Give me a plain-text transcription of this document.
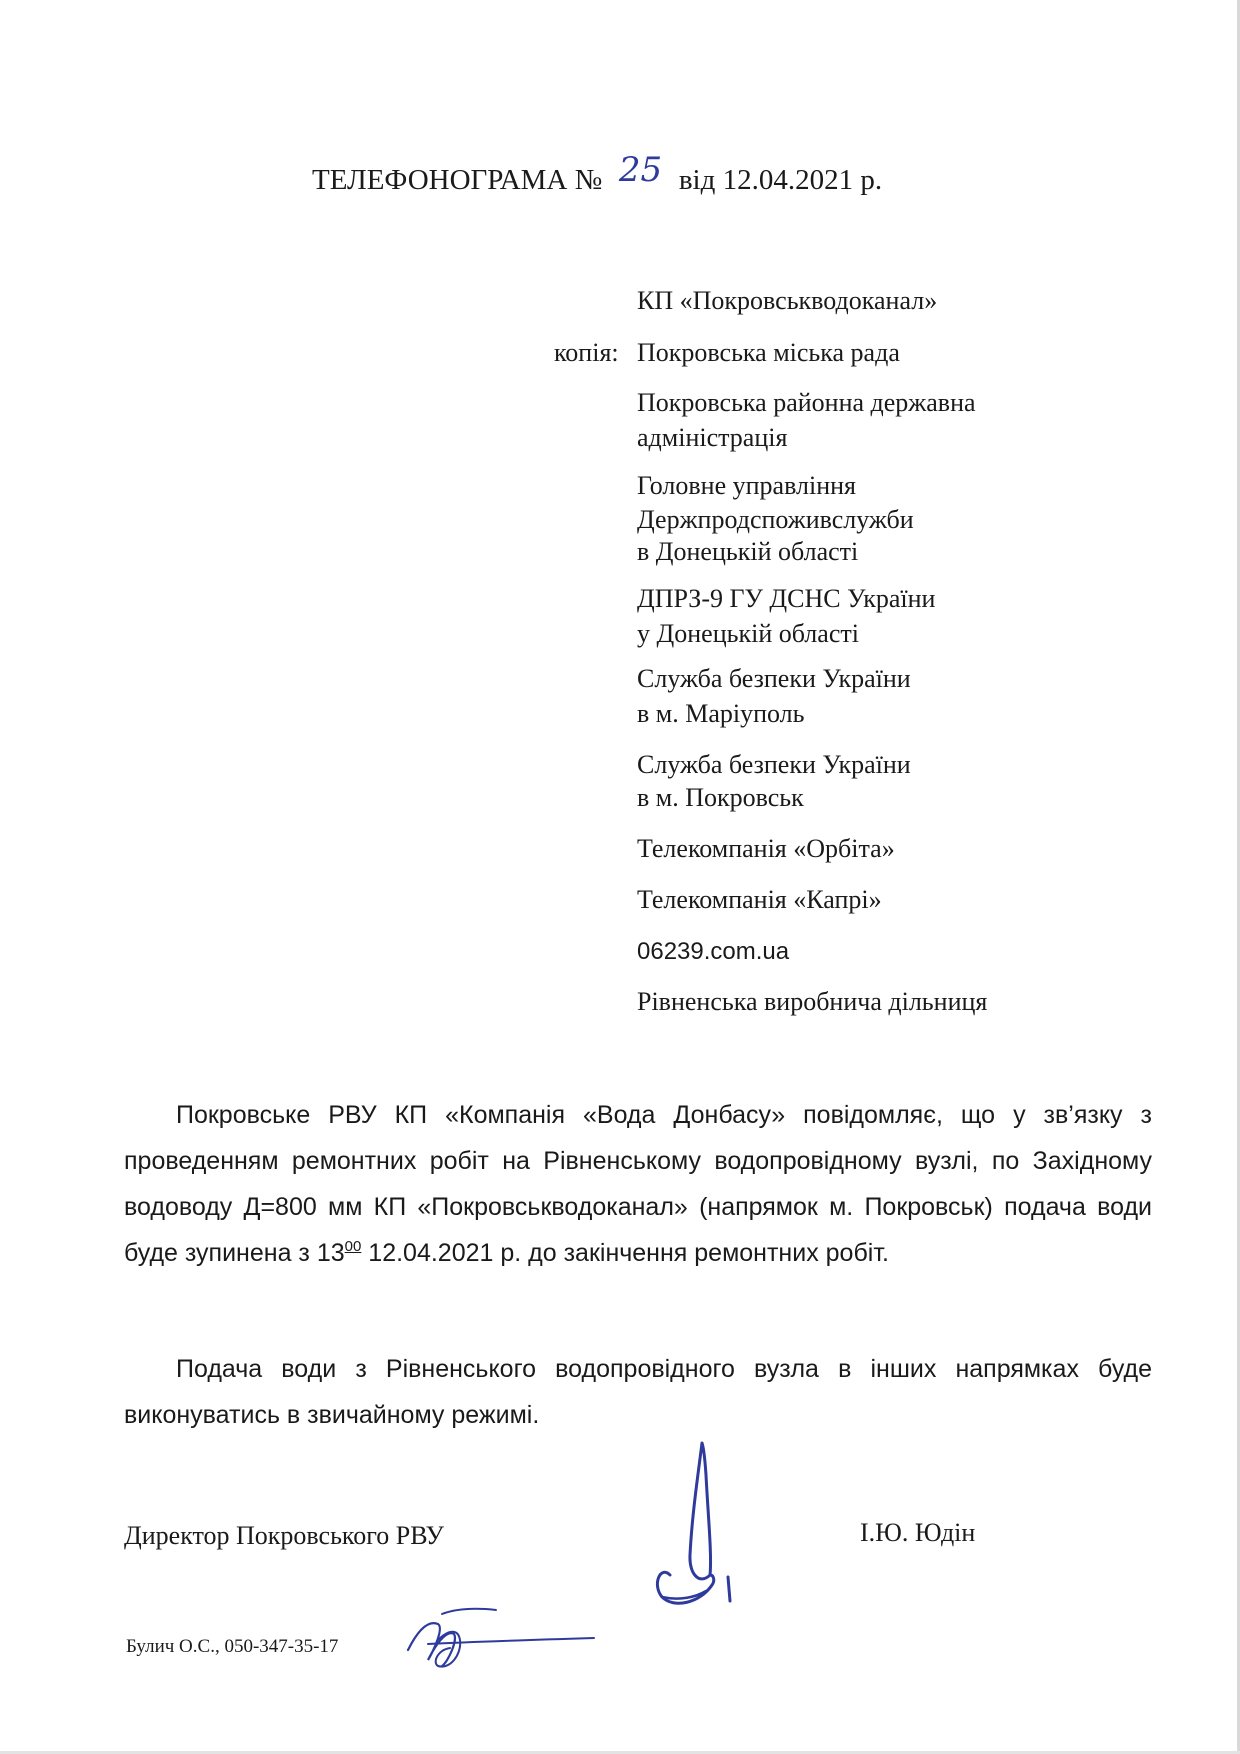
ТЕЛЕФОНОГРАМА № 25 від 12.04.2021 р.
КП «Покровськводоканал»
копія: Покровська міська рада
Покровська районна державна
адміністрація
Головне управління
Держпродспоживслужби
в Донецькій області
ДПРЗ-9 ГУ ДСНС України
у Донецькій області
Служба безпеки України
в м. Маріуполь
Служба безпеки України
в м. Покровськ
Телекомпанія «Орбіта»
Телекомпанія «Капрі»
06239.com.ua
Рівненська виробнича дільниця

Покровське РВУ КП «Компанія «Вода Донбасу» повідомляє, що у зв’язку з проведенням ремонтних робіт на Рівненському водопровідному вузлі, по Західному водоводу Д=800 мм КП «Покровськводоканал» (напрямок м. Покровськ) подача води буде зупинена з $13^{00}$ 12.04.2021 р. до закінчення ремонтних робіт.

Подача води з Рівненського водопровідного вузла в інших напрямках буде виконуватись в звичайному режимі.

Директор Покровського РВУ	І.Ю. Юдін
Булич О.С., 050-347-35-17
